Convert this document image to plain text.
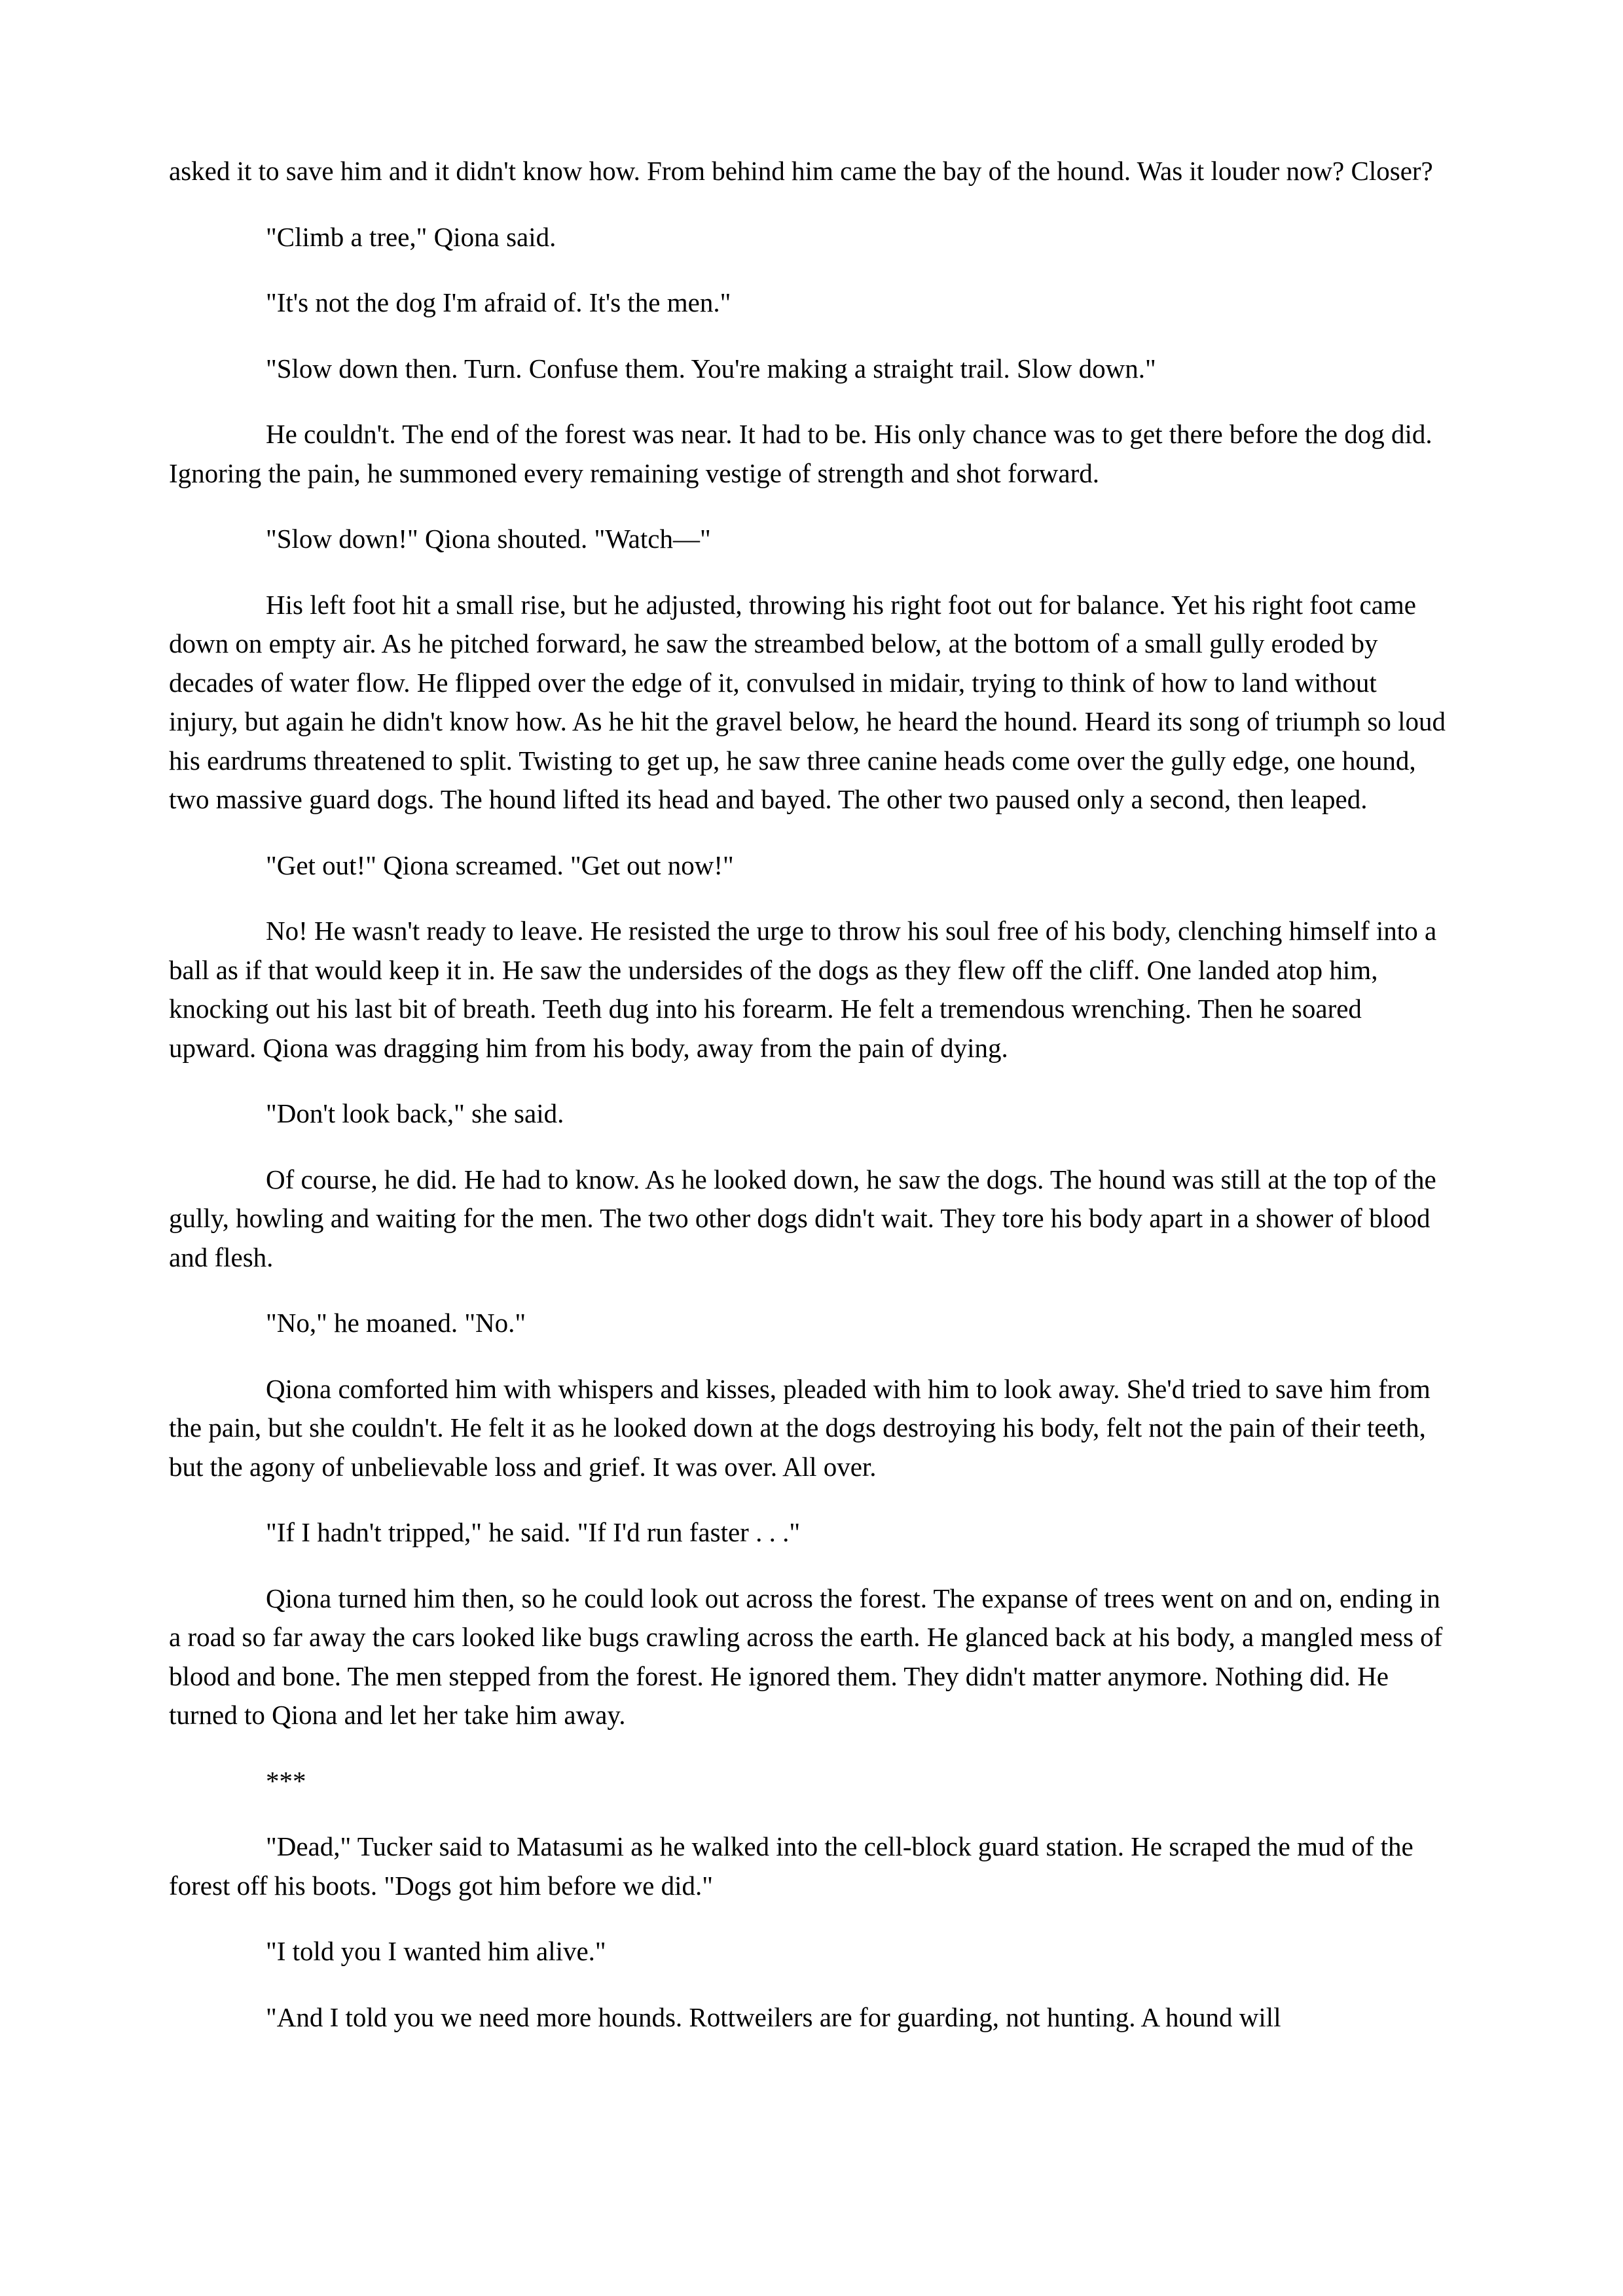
asked it to save him and it didn't know how. From behind him came the bay of the hound. Was it louder now? Closer?

"Climb a tree," Qiona said.

"It's not the dog I'm afraid of. It's the men."

"Slow down then. Turn. Confuse them. You're making a straight trail. Slow down."

He couldn't. The end of the forest was near. It had to be. His only chance was to get there before the dog did. Ignoring the pain, he summoned every remaining vestige of strength and shot forward.

"Slow down!" Qiona shouted. "Watch—"

His left foot hit a small rise, but he adjusted, throwing his right foot out for balance. Yet his right foot came down on empty air. As he pitched forward, he saw the streambed below, at the bottom of a small gully eroded by decades of water flow. He flipped over the edge of it, convulsed in midair, trying to think of how to land without injury, but again he didn't know how. As he hit the gravel below, he heard the hound. Heard its song of triumph so loud his eardrums threatened to split. Twisting to get up, he saw three canine heads come over the gully edge, one hound, two massive guard dogs. The hound lifted its head and bayed. The other two paused only a second, then leaped.

"Get out!" Qiona screamed. "Get out now!"

No! He wasn't ready to leave. He resisted the urge to throw his soul free of his body, clenching himself into a ball as if that would keep it in. He saw the undersides of the dogs as they flew off the cliff. One landed atop him, knocking out his last bit of breath. Teeth dug into his forearm. He felt a tremendous wrenching. Then he soared upward. Qiona was dragging him from his body, away from the pain of dying.

"Don't look back," she said.

Of course, he did. He had to know. As he looked down, he saw the dogs. The hound was still at the top of the gully, howling and waiting for the men. The two other dogs didn't wait. They tore his body apart in a shower of blood and flesh.

"No," he moaned. "No."

Qiona comforted him with whispers and kisses, pleaded with him to look away. She'd tried to save him from the pain, but she couldn't. He felt it as he looked down at the dogs destroying his body, felt not the pain of their teeth, but the agony of unbelievable loss and grief. It was over. All over.

"If I hadn't tripped," he said. "If I'd run faster . . ."

Qiona turned him then, so he could look out across the forest. The expanse of trees went on and on, ending in a road so far away the cars looked like bugs crawling across the earth. He glanced back at his body, a mangled mess of blood and bone. The men stepped from the forest. He ignored them. They didn't matter anymore. Nothing did. He turned to Qiona and let her take him away.

***

"Dead," Tucker said to Matasumi as he walked into the cell-block guard station. He scraped the mud of the forest off his boots. "Dogs got him before we did."

"I told you I wanted him alive."

"And I told you we need more hounds. Rottweilers are for guarding, not hunting. A hound will
